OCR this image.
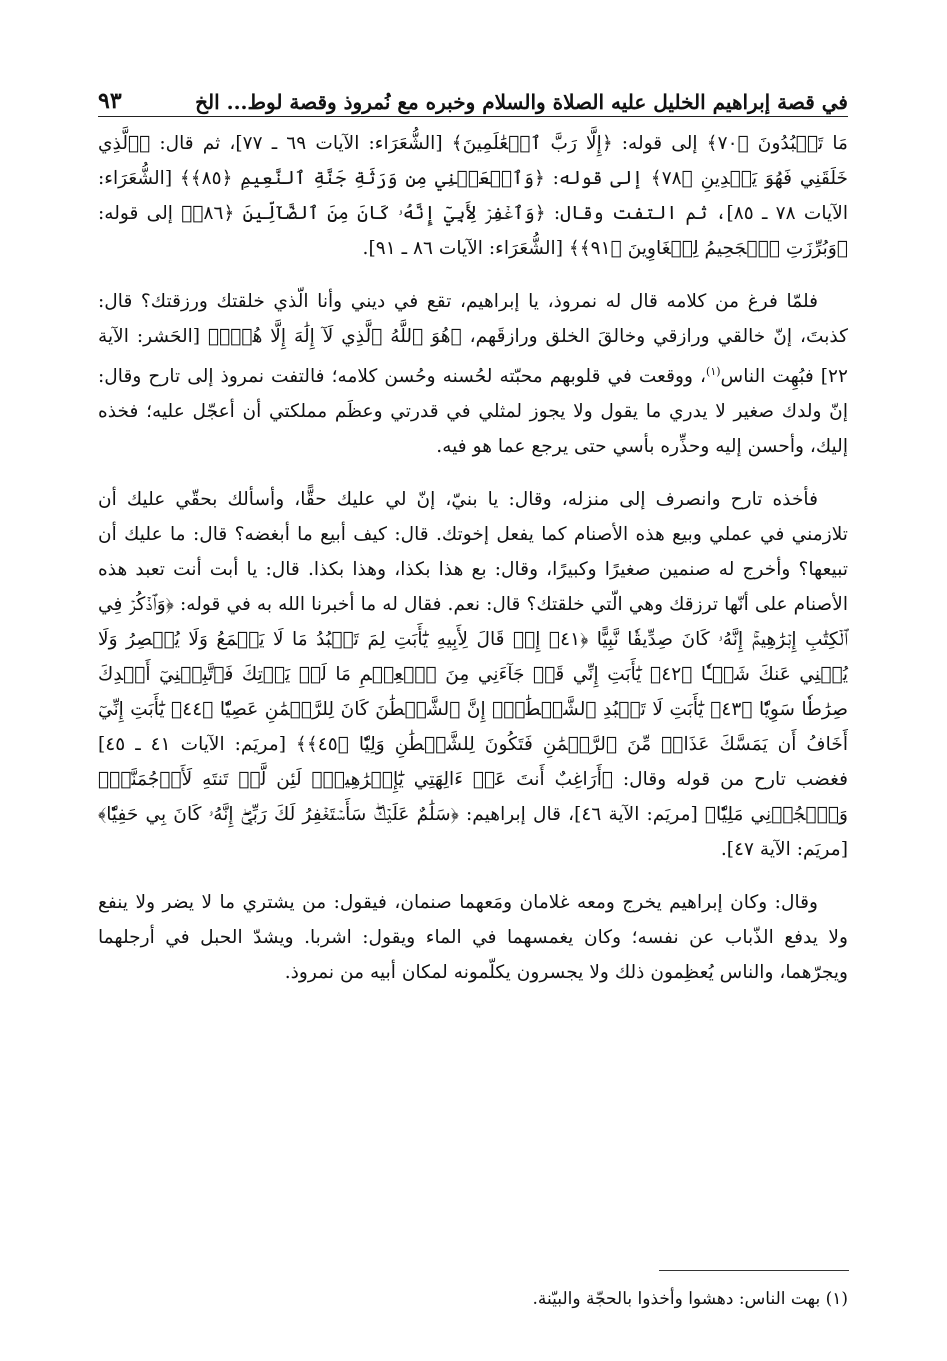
في قصة إبراهيم الخليل عليه الصلاة والسلام وخبره مع نُمروذ وقصة لوط... الخ
٩٣

مَا تَعۡبُدُونَ ﴿٧٠﴾ إلى قوله: ﴿إِلَّا رَبَّ ٱلۡعَٰلَمِينَ﴾ [الشُّعَرَاء: الآيات ٦٩ ـ ٧٧]، ثم قال: ﴿ٱلَّذِي خَلَقَنِي فَهُوَ يَهۡدِينِ ﴿٧٨﴾ إلى قوله: ﴿وَٱجۡعَلۡنِي مِن وَرَثَةِ جَنَّةِ ٱلنَّعِيمِ ﴿٨٥﴾﴾ [الشُّعَرَاء: الآيات ٧٨ ـ ٨٥]، ثم التفت وقال: ﴿وَٱغۡفِرۡ لِأَبِيٓ إِنَّهُۥ كَانَ مِنَ ٱلضَّآلِّينَ ﴿٨٦﴾﴾ إلى قوله: ﴿وَبُرِّزَتِ ٱلۡجَحِيمُ لِلۡغَاوِينَ ﴿٩١﴾﴾ [الشُّعَرَاء: الآيات ٨٦ ـ ٩١].

فلمّا فرغ من كلامه قال له نمروذ، يا إبراهيم، تقع في ديني وأنا الّذي خلقتك ورزقتك؟ قال: كذبتَ، إنّ خالقي ورازقي وخالقَ الخلق ورازقَهم، ﴿هُوَ ٱللَّهُ ٱلَّذِي لَآ إِلَٰهَ إِلَّا هُوَۖ﴾ [الحَشر: الآية ٢٢] فبُهِت الناس$^{(١)}$، ووقعت في قلوبهم محبّته لحُسنه وحُسن كلامه؛ فالتفت نمروذ إلى تارح وقال: إنّ ولدك صغير لا يدري ما يقول ولا يجوز لمثلي في قدرتي وعظَم مملكتي أن أعجّل عليه؛ فخذه إليك، وأحسن إليه وحذِّره بأسي حتى يرجع عما هو فيه.

فأخذه تارح وانصرف إلى منزله، وقال: يا بنيّ، إنّ لي عليك حقًّا، وأسألك بحقّي عليك أن تلازمني في عملي وبيع هذه الأصنام كما يفعل إخوتك. قال: كيف أبيع ما أبغضه؟ قال: ما عليك أن تبيعها؟ وأخرج له صنمين صغيرًا وكبيرًا، وقال: بع هذا بكذا، وهذا بكذا. قال: يا أبت أنت تعبد هذه الأصنام على أنّها ترزقك وهي الّتي خلقتك؟ قال: نعم. فقال له ما أخبرنا الله به في قوله: ﴿وَٱذۡكُرۡ فِي ٱلۡكِتَٰبِ إِبۡرَٰهِيمَۚ إِنَّهُۥ كَانَ صِدِّيقٗا نَّبِيًّا ﴿٤١﴾ إِذۡ قَالَ لِأَبِيهِ يَٰٓأَبَتِ لِمَ تَعۡبُدُ مَا لَا يَسۡمَعُ وَلَا يُبۡصِرُ وَلَا يُغۡنِي عَنكَ شَيۡـٔٗا ﴿٤٢﴾ يَٰٓأَبَتِ إِنِّي قَدۡ جَآءَنِي مِنَ ٱلۡعِلۡمِ مَا لَمۡ يَأۡتِكَ فَٱتَّبِعۡنِيٓ أَهۡدِكَ صِرَٰطٗا سَوِيّٗا ﴿٤٣﴾ يَٰٓأَبَتِ لَا تَعۡبُدِ ٱلشَّيۡطَٰنَۖ إِنَّ ٱلشَّيۡطَٰنَ كَانَ لِلرَّحۡمَٰنِ عَصِيّٗا ﴿٤٤﴾ يَٰٓأَبَتِ إِنِّيٓ أَخَافُ أَن يَمَسَّكَ عَذَابٞ مِّنَ ٱلرَّحۡمَٰنِ فَتَكُونَ لِلشَّيۡطَٰنِ وَلِيّٗا ﴿٤٥﴾﴾ [مريَم: الآيات ٤١ ـ ٤٥] فغضب تارح من قوله وقال: ﴿أَرَاغِبٌ أَنتَ عَنۡ ءَالِهَتِي يَٰٓإِبۡرَٰهِيمُۖ لَئِن لَّمۡ تَنتَهِ لَأَرۡجُمَنَّكَۖ وَٱهۡجُرۡنِي مَلِيّٗا﴾ [مريَم: الآية ٤٦]، قال إبراهيم: ﴿سَلَٰمٌ عَلَيۡكَۖ سَأَسۡتَغۡفِرُ لَكَ رَبِّيٓۖ إِنَّهُۥ كَانَ بِي حَفِيّٗا﴾ [مريَم: الآية ٤٧].

وقال: وكان إبراهيم يخرج ومعه غلامان ومَعهما صنمان، فيقول: من يشتري ما لا يضر ولا ينفع ولا يدفع الذّباب عن نفسه؛ وكان يغمسهما في الماء ويقول: اشربا. ويشدّ الحبل في أرجلهما ويجرّهما، والناس يُعظِمون ذلك ولا يجسرون يكلّمونه لمكان أبيه من نمروذ.

(١) بهت الناس: دهشوا وأخذوا بالحجّة والبيّنة.
